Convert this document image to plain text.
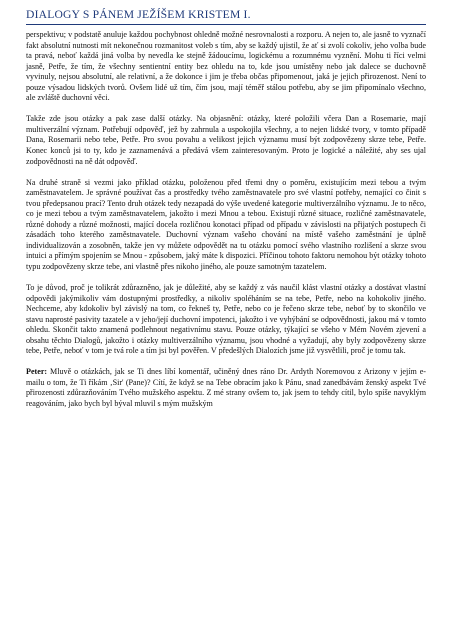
DIALOGY S PÁNEM JEŽÍŠEM KRISTEM I.

perspektivu; v podstatě anuluje každou pochybnost ohledně možné nesrovnalosti a rozporu. A nejen to, ale jasně to vyznačí fakt absolutní nutnosti mít nekonečnou rozmanitost voleb s tím, aby se každý ujistil, že ať si zvolí cokoliv, jeho volba bude ta pravá, neboť každá jiná volba by nevedla ke stejně žádoucímu, logickému a rozumnému vyznění. Mohu ti říci velmi jasně, Petře, že tím, že všechny sentientní entity bez ohledu na to, kde jsou umístěny nebo jak dalece se duchovně vyvinuly, nejsou absolutní, ale relativní, a že dokonce i jim je třeba občas připomenout, jaká je jejich přirozenost. Není to pouze výsadou lidských tvorů. Ovšem lidé už tím, čím jsou, mají téměř stálou potřebu, aby se jim připomínalo všechno, ale zvláště duchovní věci.

Takže zde jsou otázky a pak zase další otázky. Na objasnění: otázky, které položili včera Dan a Rosemarie, mají multiverzální význam. Potřebují odpověď, jež by zahrnula a uspokojila všechny, a to nejen lidské tvory, v tomto případě Dana, Rosemarii nebo tebe, Petře. Pro svou povahu a velikost jejich významu musí být zodpovězeny skrze tebe, Petře. Konec konců jsi to ty, kdo je zaznamenává a předává všem zainteresovaným. Proto je logické a náležité, aby ses ujal zodpovědnosti na ně dát odpověď.

Na druhé straně si vezmi jako příklad otázku, položenou před třemi dny o poměru, existujícím mezi tebou a tvým zaměstnavatelem. Je správné používat čas a prostředky tvého zaměstnavatele pro své vlastní potřeby, nemající co činit s tvou předepsanou prací? Tento druh otázek tedy nezapadá do výše uvedené kategorie multiverzálního významu. Je to něco, co je mezi tebou a tvým zaměstnavatelem, jakožto i mezi Mnou a tebou. Existují různé situace, rozličné zaměstnavatele, různé dohody a různé možnosti, mající docela rozličnou konotaci případ od případu v závislosti na přijatých postupech či zásadách toho kterého zaměstnavatele. Duchovní význam vašeho chování na místě vašeho zaměstnání je úplně individualizován a zosobněn, takže jen vy můžete odpovědět na tu otázku pomocí svého vlastního rozlišení a skrze svou intuici a přímým spojením se Mnou - způsobem, jaký máte k dispozici. Příčinou tohoto faktoru nemohou být otázky tohoto typu zodpovězeny skrze tebe, ani vlastně přes nikoho jiného, ale pouze samotným tazatelem.

To je důvod, proč je tolikrát zdůrazněno, jak je důležité, aby se každý z vás naučil klást vlastní otázky a dostávat vlastní odpovědi jakýmikoliv vám dostupnými prostředky, a nikoliv spoléháním se na tebe, Petře, nebo na kohokoliv jiného. Nechceme, aby kdokoliv byl závislý na tom, co řekneš ty, Petře, nebo co je řečeno skrze tebe, neboť by to skončilo ve stavu naprosté pasivity tazatele a v jeho/její duchovní impotenci, jakožto i ve vyhýbání se odpovědnosti, jakou má v tomto ohledu. Skončit takto znamená podlehnout negativnímu stavu. Pouze otázky, týkající se všeho v Mém Novém zjevení a obsahu těchto Dialogů, jakožto i otázky multiverzálního významu, jsou vhodné a vyžadují, aby byly zodpovězeny skrze tebe, Petře, neboť v tom je tvá role a tím jsi byl pověřen. V předešlých Dialozích jsme již vysvětlili, proč je tomu tak.

Peter: Mluvě o otázkách, jak se Ti dnes líbí komentář, učiněný dnes ráno Dr. Ardyth Noremovou z Arizony v jejím e-mailu o tom, že Ti říkám ‚Sir' (Pane)? Cítí, že když se na Tebe obracím jako k Pánu, snad zanedbávám ženský aspekt Tvé přirozenosti zdůrazňováním Tvého mužského aspektu. Z mé strany ovšem to, jak jsem to tehdy cítil, bylo spíše navyklým reagováním, jako bych byl býval mluvil s mým mužským
